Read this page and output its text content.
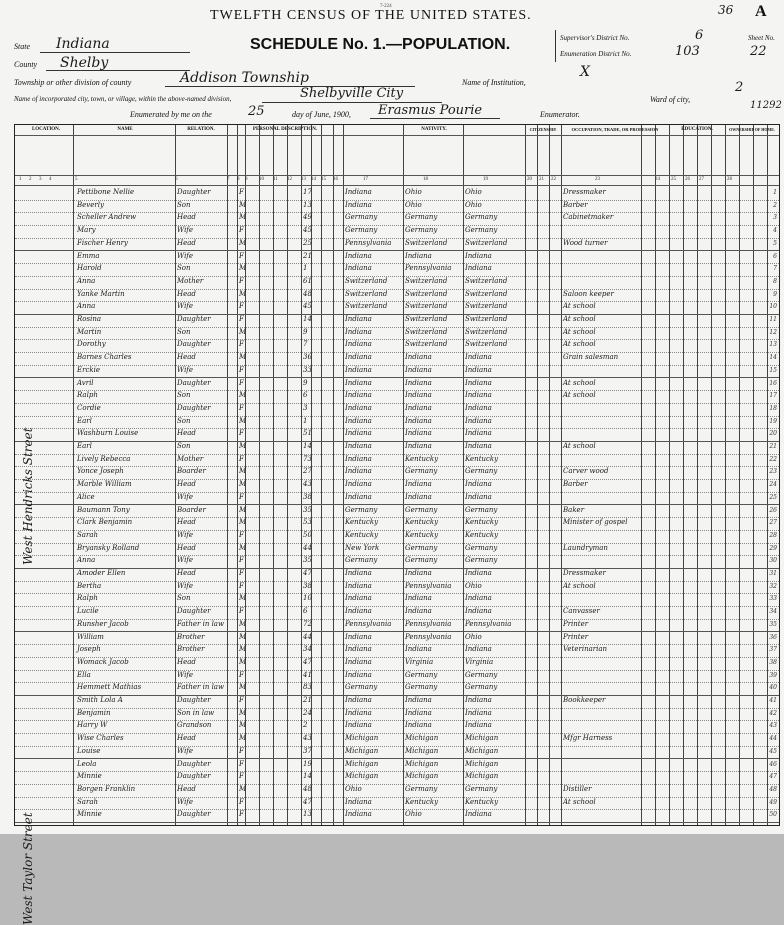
7-224	36 A
TWELFTH CENSUS OF THE UNITED STATES.
SCHEDULE No. 1.—POPULATION.
State Indiana
County Shelby
Township or other division of county	Addison Township
Name of incorporated city, town, or village, within the above-named division,	Shelbyville City
Enumerated by me on the	25	day of June, 1900, Erasmus Pourie	Enumerator.
Name of Institution,
X
Ward of city,
2
Supervisor's District No.	6
Enumeration District No.	103
Sheet No.
22
11292
LOCATION.	NAME	RELATION.	PERSONAL DESCRIPTION.	NATIVITY.	CITIZENSHIP.	OCCUPATION, TRADE, OR PROFESSION	EDUCATION.	OWNERSHIP OF HOME.
1 2 3 4	5	6	7 8 9 10 11 12 13 14 15 16	17	18	19	20 21 22	23	24 25 26 27	28
Pettibone Nellie	Daughter	F	17	Indiana	Ohio	Ohio	Dressmaker	1
Beverly	Son	M	13	Indiana	Ohio	Ohio	Barber	2
Scheller Andrew	Head	M	49	Germany	Germany	Germany	Cabinetmaker	3
Mary	Wife	F	45	Germany	Germany	Germany	4
Fischer Henry	Head	M	25	Pennsylvania	Switzerland	Switzerland	Wood turner	5
Emma	Wife	F	21	Indiana	Indiana	Indiana	6
Harold	Son	M	1	Indiana	Pennsylvania	Indiana	7
Anna	Mother	F	61	Switzerland	Switzerland	Switzerland	8
Yanke Martin	Head	M	48	Switzerland	Switzerland	Switzerland	Saloon keeper	9
Anna	Wife	F	45	Switzerland	Switzerland	Switzerland	At school	10
Rosina	Daughter	F	14	Indiana	Switzerland	Switzerland	At school	11
Martin	Son	M	9	Indiana	Switzerland	Switzerland	At school	12
Dorothy	Daughter	F	7	Indiana	Switzerland	Switzerland	At school	13
Barnes Charles	Head	M	36	Indiana	Indiana	Indiana	Grain salesman	14
Erckie	Wife	F	33	Indiana	Indiana	Indiana	15
Avril	Daughter	F	9	Indiana	Indiana	Indiana	At school	16
Ralph	Son	M	6	Indiana	Indiana	Indiana	At school	17
Cordie	Daughter	F	3	Indiana	Indiana	Indiana	18
Earl	Son	M	1	Indiana	Indiana	Indiana	19
Washburn Louise	Head	F	51	Indiana	Indiana	Indiana	20
Earl	Son	M	14	Indiana	Indiana	Indiana	At school	21
Lively Rebecca	Mother	F	73	Indiana	Kentucky	Kentucky	22
Yonce Joseph	Boarder	M	27	Indiana	Germany	Germany	Carver wood	23
Marble William	Head	M	43	Indiana	Indiana	Indiana	Barber	24
Alice	Wife	F	38	Indiana	Indiana	Indiana	25
Baumann Tony	Boarder	M	35	Germany	Germany	Germany	Baker	26
Clark Benjamin	Head	M	53	Kentucky	Kentucky	Kentucky	Minister of gospel	27
Sarah	Wife	F	50	Kentucky	Kentucky	Kentucky	28
Bryansky Rolland	Head	M	44	New York	Germany	Germany	Laundryman	29
Anna	Wife	F	35	Germany	Germany	Germany	30
Amoder Ellen	Head	F	47	Indiana	Indiana	Indiana	Dressmaker	31
Bertha	Wife	F	38	Indiana	Pennsylvania	Ohio	At school	32
Ralph	Son	M	10	Indiana	Indiana	Indiana	33
Lucile	Daughter	F	6	Indiana	Indiana	Indiana	Canvasser	34
Runsher Jacob	Father in law	M	72	Pennsylvania	Pennsylvania	Pennsylvania	Printer	35
William	Brother	M	44	Indiana	Pennsylvania	Ohio	Printer	36
Joseph	Brother	M	34	Indiana	Indiana	Indiana	Veterinarian	37
Womack Jacob	Head	M	47	Indiana	Virginia	Virginia	38
Ella	Wife	F	41	Indiana	Germany	Germany	39
Hemmett Mathias	Father in law	M	83	Germany	Germany	Germany	40
Smith Lola A	Daughter	F	21	Indiana	Indiana	Indiana	Bookkeeper	41
Benjamin	Son in law	M	24	Indiana	Indiana	Indiana	42
Harry W	Grandson	M	2	Indiana	Indiana	Indiana	43
Wise Charles	Head	M	43	Michigan	Michigan	Michigan	Mfgr Harness	44
Louise	Wife	F	37	Michigan	Michigan	Michigan	45
Leola	Daughter	F	19	Michigan	Michigan	Michigan	46
Minnie	Daughter	F	14	Michigan	Michigan	Michigan	47
Borgen Franklin	Head	M	48	Ohio	Germany	Germany	Distiller	48
Sarah	Wife	F	47	Indiana	Kentucky	Kentucky	At school	49
Minnie	Daughter	F	13	Indiana	Ohio	Indiana	50
West Hendricks Street
West Taylor Street
